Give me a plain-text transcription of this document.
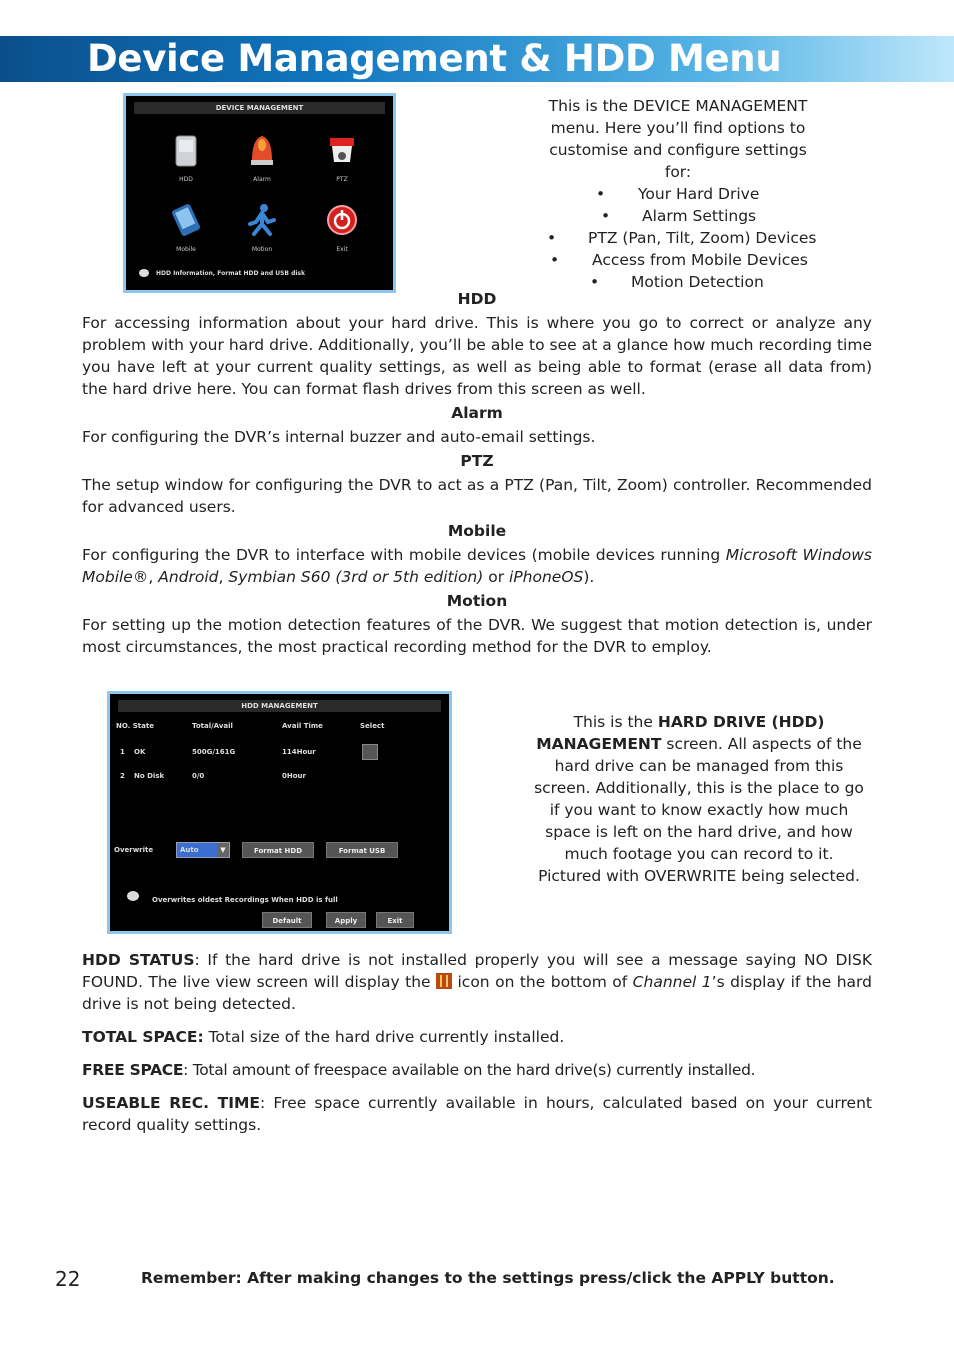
Device Management & HDD Menu
DEVICE MANAGEMENT
HDD	Alarm	PTZ
Mobile	Motion	Exit
HDD Information, Format HDD and USB disk

This is the DEVICE MANAGEMENT menu. Here you’ll find options to customise and configure settings for:

• Your Hard Drive
• Alarm Settings
• PTZ (Pan, Tilt, Zoom) Devices
• Access from Mobile Devices
• Motion Detection
HDD

For accessing information about your hard drive. This is where you go to correct or analyze any problem with your hard drive. Additionally, you’ll be able to see at a glance how much recording time you have left at your current quality settings, as well as being able to format (erase all data from) the hard drive here. You can format flash drives from this screen as well.

Alarm

For configuring the DVR’s internal buzzer and auto-email settings.

PTZ

The setup window for configuring the DVR to act as a PTZ (Pan, Tilt, Zoom) controller. Recommended for advanced users.

Mobile

For configuring the DVR to interface with mobile devices (mobile devices running Microsoft Windows Mobile®, Android, Symbian S60 (3rd or 5th edition) or iPhoneOS).

Motion

For setting up the motion detection features of the DVR. We suggest that motion detection is, under most circumstances, the most practical recording method for the DVR to employ.

HDD MANAGEMENT
NO. State	Total/Avail	Avail Time	Select
1 OK	500G/161G	114Hour
2 No Disk	0/0	0Hour
Overwrite	Auto	▼	Format HDD	Format USB
Overwrites oldest Recordings When HDD is full
Default	Apply	Exit

This is the HARD DRIVE (HDD) MANAGEMENT screen. All aspects of the hard drive can be managed from this screen. Additionally, this is the place to go if you want to know exactly how much space is left on the hard drive, and how much footage you can record to it.

Pictured with OVERWRITE being selected.

HDD STATUS: If the hard drive is not installed properly you will see a message saying NO DISK FOUND. The live view screen will display the
icon on the bottom of Channel 1’s display if the hard drive is not being detected.

TOTAL SPACE: Total size of the hard drive currently installed.

FREE SPACE: Total amount of freespace available on the hard drive(s) currently installed.

USEABLE REC. TIME: Free space currently available in hours, calculated based on your current record quality settings.

22	Remember: After making changes to the settings press/click the APPLY button.
